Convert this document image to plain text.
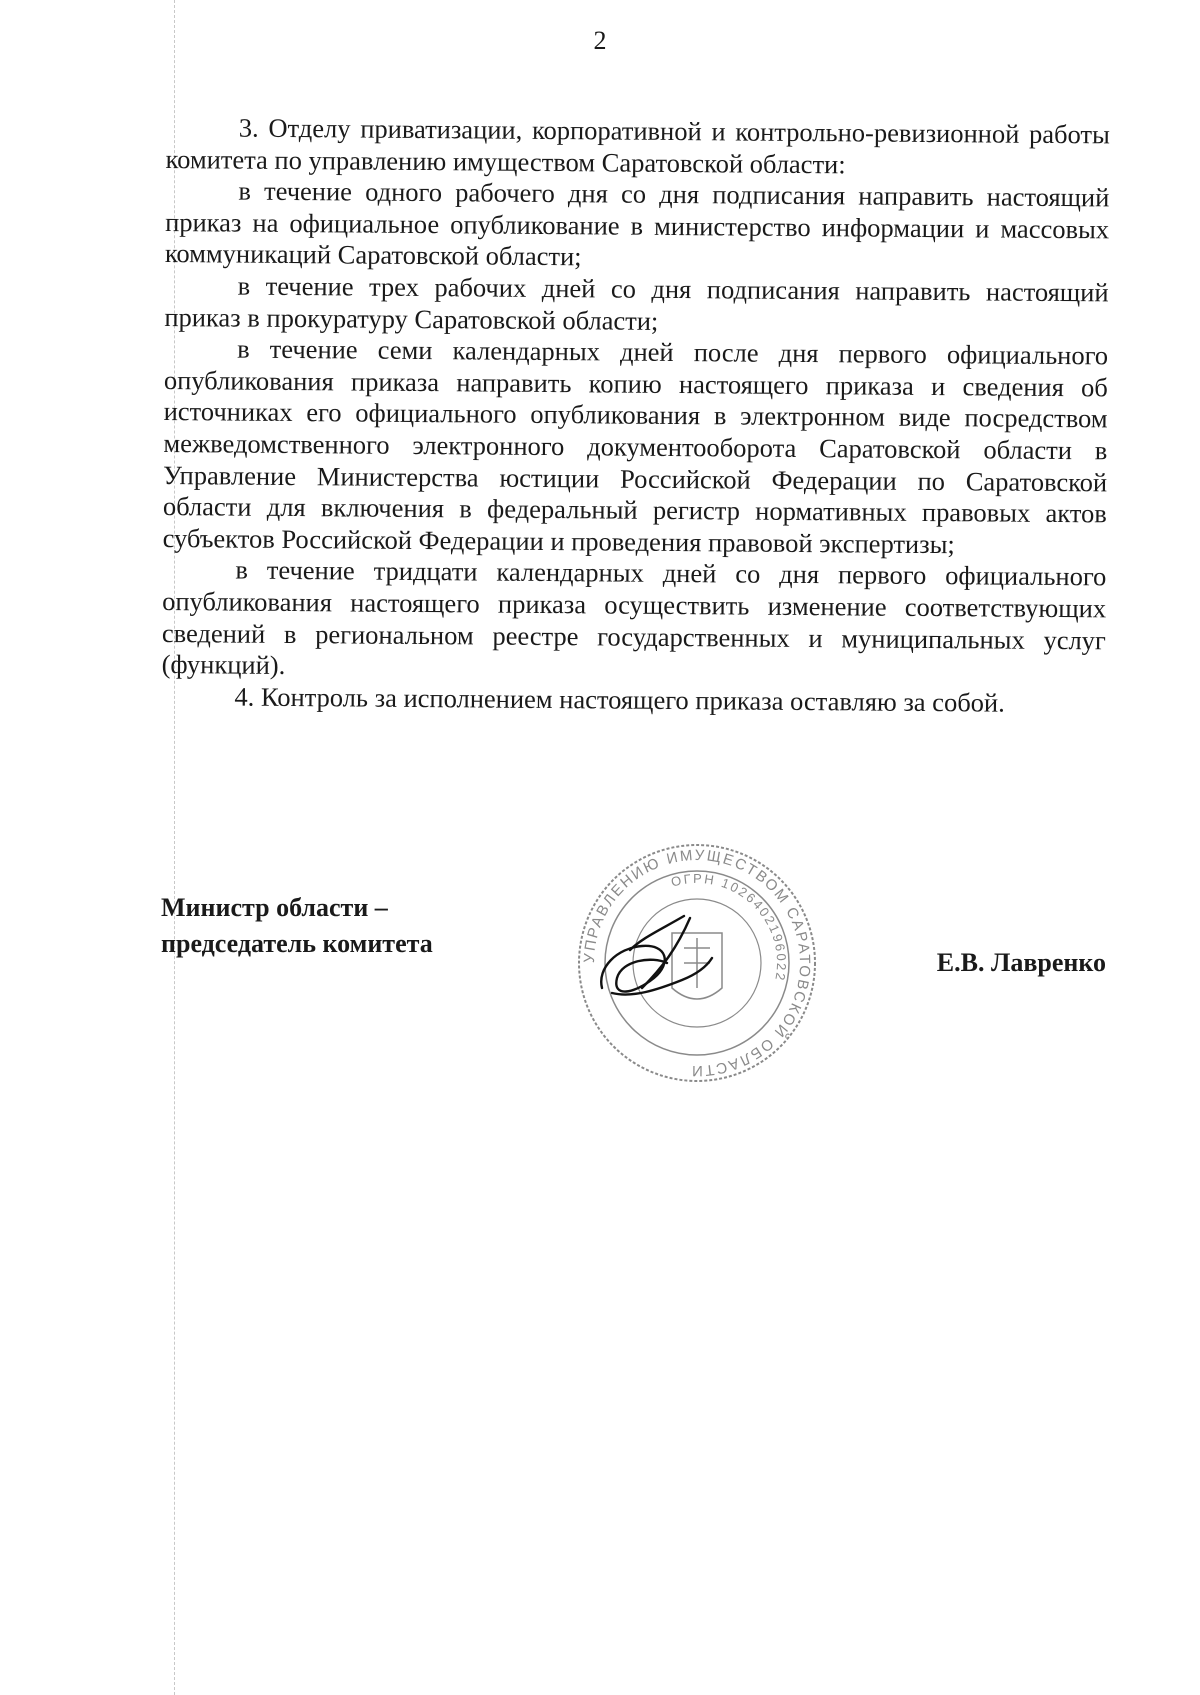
2

3. Отделу приватизации, корпоративной и контрольно-ревизионной работы комитета по управлению имуществом Саратовской области:

в течение одного рабочего дня со дня подписания направить настоящий приказ на официальное опубликование в министерство информации и массовых коммуникаций Саратовской области;

в течение трех рабочих дней со дня подписания направить настоящий приказ в прокуратуру Саратовской области;

в течение семи календарных дней после дня первого официального опубликования приказа направить копию настоящего приказа и сведения об источниках его официального опубликования в электронном виде посредством межведомственного электронного документооборота Саратовской области в Управление Министерства юстиции Российской Федерации по Саратовской области для включения в федеральный регистр нормативных правовых актов субъектов Российской Федерации и проведения правовой экспертизы;

в течение тридцати календарных дней со дня первого официального опубликования настоящего приказа осуществить изменение соответствующих сведений в региональном реестре государственных и муниципальных услуг (функций).

4. Контроль за исполнением настоящего приказа оставляю за собой.

Министр области –
председатель комитета
Е.В. Лавренко
УПРАВЛЕНИЮ ИМУЩЕСТВОМ САРАТОВСКОЙ ОБЛАСТИ
ОГРН 1026402196022
